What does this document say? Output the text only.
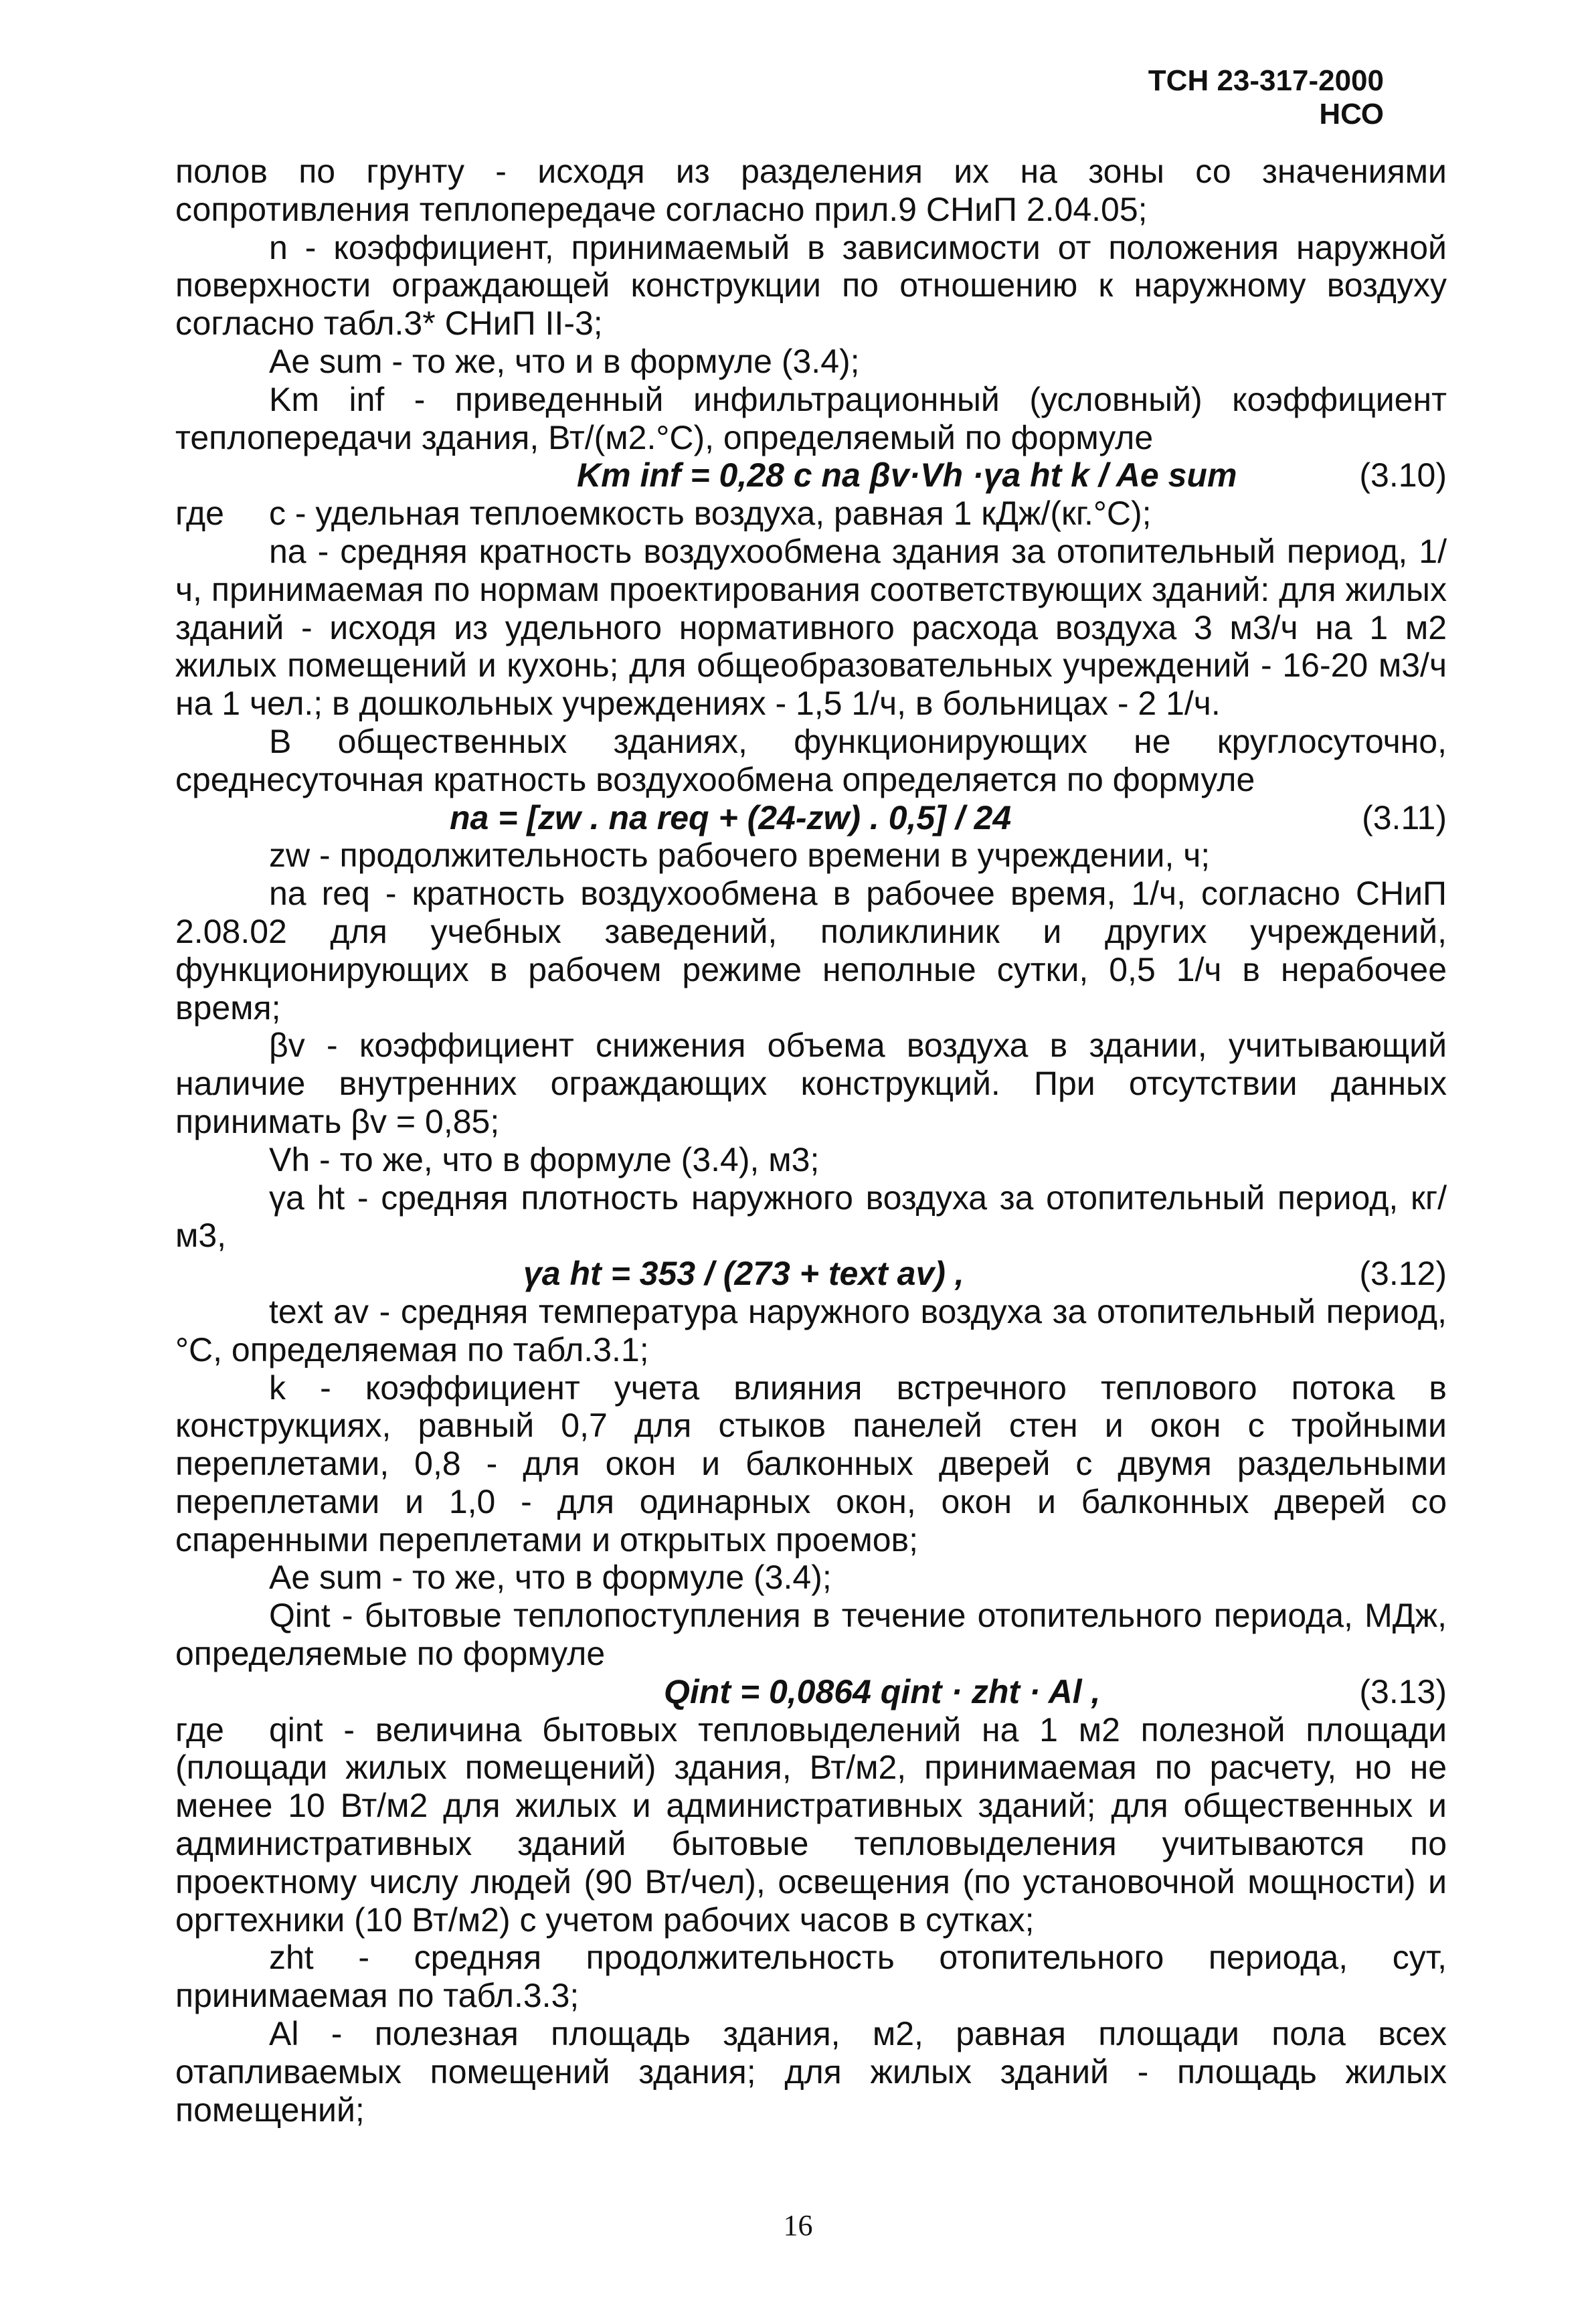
ТСН 23-317-2000 НСО

полов по грунту - исходя из разделения их на зоны со значениями сопротивления теплопередаче согласно прил.9 СНиП 2.04.05;

n - коэффициент, принимаемый в зависимости от положения наружной поверхности ограждающей конструкции по отношению к наружному воздуху согласно табл.3* СНиП II-3;

Ae sum - то же, что и в формуле (3.4);

Km inf - приведенный инфильтрационный (условный) коэффициент теплопередачи здания, Вт/(м2.°С), определяемый по формуле

Km inf = 0,28 c na βv·Vh ·γa ht k / Ae sum	(3.10)
где	c - удельная теплоемкость воздуха, равная 1 кДж/(кг.°С);

na - средняя кратность воздухообмена здания за отопительный период, 1/ч, принимаемая по нормам проектирования соответствующих зданий: для жилых зданий - исходя из удельного нормативного расхода воздуха 3 м3/ч на 1 м2 жилых помещений и кухонь; для общеобразовательных учреждений - 16-20 м3/ч на 1 чел.; в дошкольных учреждениях - 1,5 1/ч, в больницах - 2 1/ч.

В общественных зданиях, функционирующих не круглосуточно, среднесуточная кратность воздухообмена определяется по формуле

na = [zw . na req + (24-zw) . 0,5] / 24	(3.11)

zw - продолжительность рабочего времени в учреждении, ч;

na req - кратность воздухообмена в рабочее время, 1/ч, согласно СНиП 2.08.02 для учебных заведений, поликлиник и других учреждений, функционирующих в рабочем режиме неполные сутки, 0,5 1/ч в нерабочее время;

βv - коэффициент снижения объема воздуха в здании, учитывающий наличие внутренних ограждающих конструкций. При отсутствии данных принимать βv = 0,85;

Vh - то же, что в формуле (3.4), м3;

γa ht - средняя плотность наружного воздуха за отопительный период, кг/м3,

γa ht = 353 / (273 + text av) ,	(3.12)

text av - средняя температура наружного воздуха за отопительный период, °С, определяемая по табл.3.1;

k - коэффициент учета влияния встречного теплового потока в конструкциях, равный 0,7 для стыков панелей стен и окон с тройными переплетами, 0,8 - для окон и балконных дверей с двумя раздельными переплетами и 1,0 - для одинарных окон, окон и балконных дверей со спаренными переплетами и открытых проемов;

Ae sum - то же, что в формуле (3.4);

Qint - бытовые теплопоступления в течение отопительного периода, МДж, определяемые по формуле

Qint = 0,0864 qint · zht · Al ,	(3.13)
где	qint - величина бытовых тепловыделений на 1 м2 полезной площади (площади жилых помещений) здания, Вт/м2, принимаемая по расчету, но не менее 10 Вт/м2 для жилых и административных зданий; для общественных и административных зданий бытовые тепловыделения учитываются по проектному числу людей (90 Вт/чел), освещения (по установочной мощности) и оргтехники (10 Вт/м2) с учетом рабочих часов в сутках;

zht - средняя продолжительность отопительного периода, сут, принимаемая по табл.3.3;

Al - полезная площадь здания, м2, равная площади пола всех отапливаемых помещений здания; для жилых зданий - площадь жилых помещений;

16
